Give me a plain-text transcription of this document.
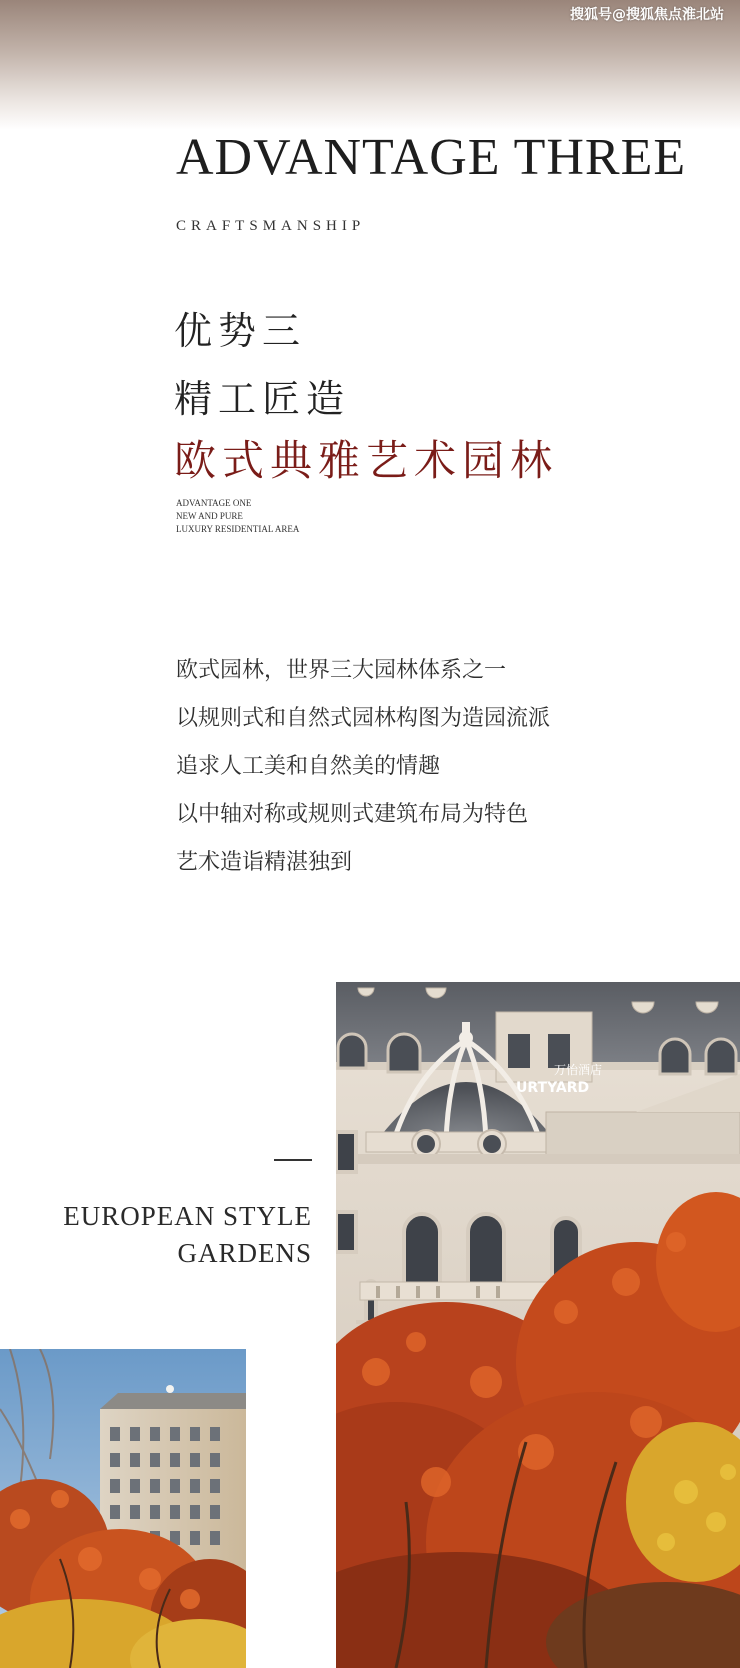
搜狐号@搜狐焦点淮北站
ADVANTAGE THREE
CRAFTSMANSHIP
优势三
精工匠造
欧式典雅艺术园林
ADVANTAGE ONE
NEW AND PURE
LUXURY RESIDENTIAL AREA
欧式园林，世界三大园林体系之一
以规则式和自然式园林构图为造园流派
追求人工美和自然美的情趣
以中轴对称或规则式建筑布局为特色
艺术造诣精湛独到
EUROPEAN STYLE
GARDENS
万怡酒店
URTYARD
